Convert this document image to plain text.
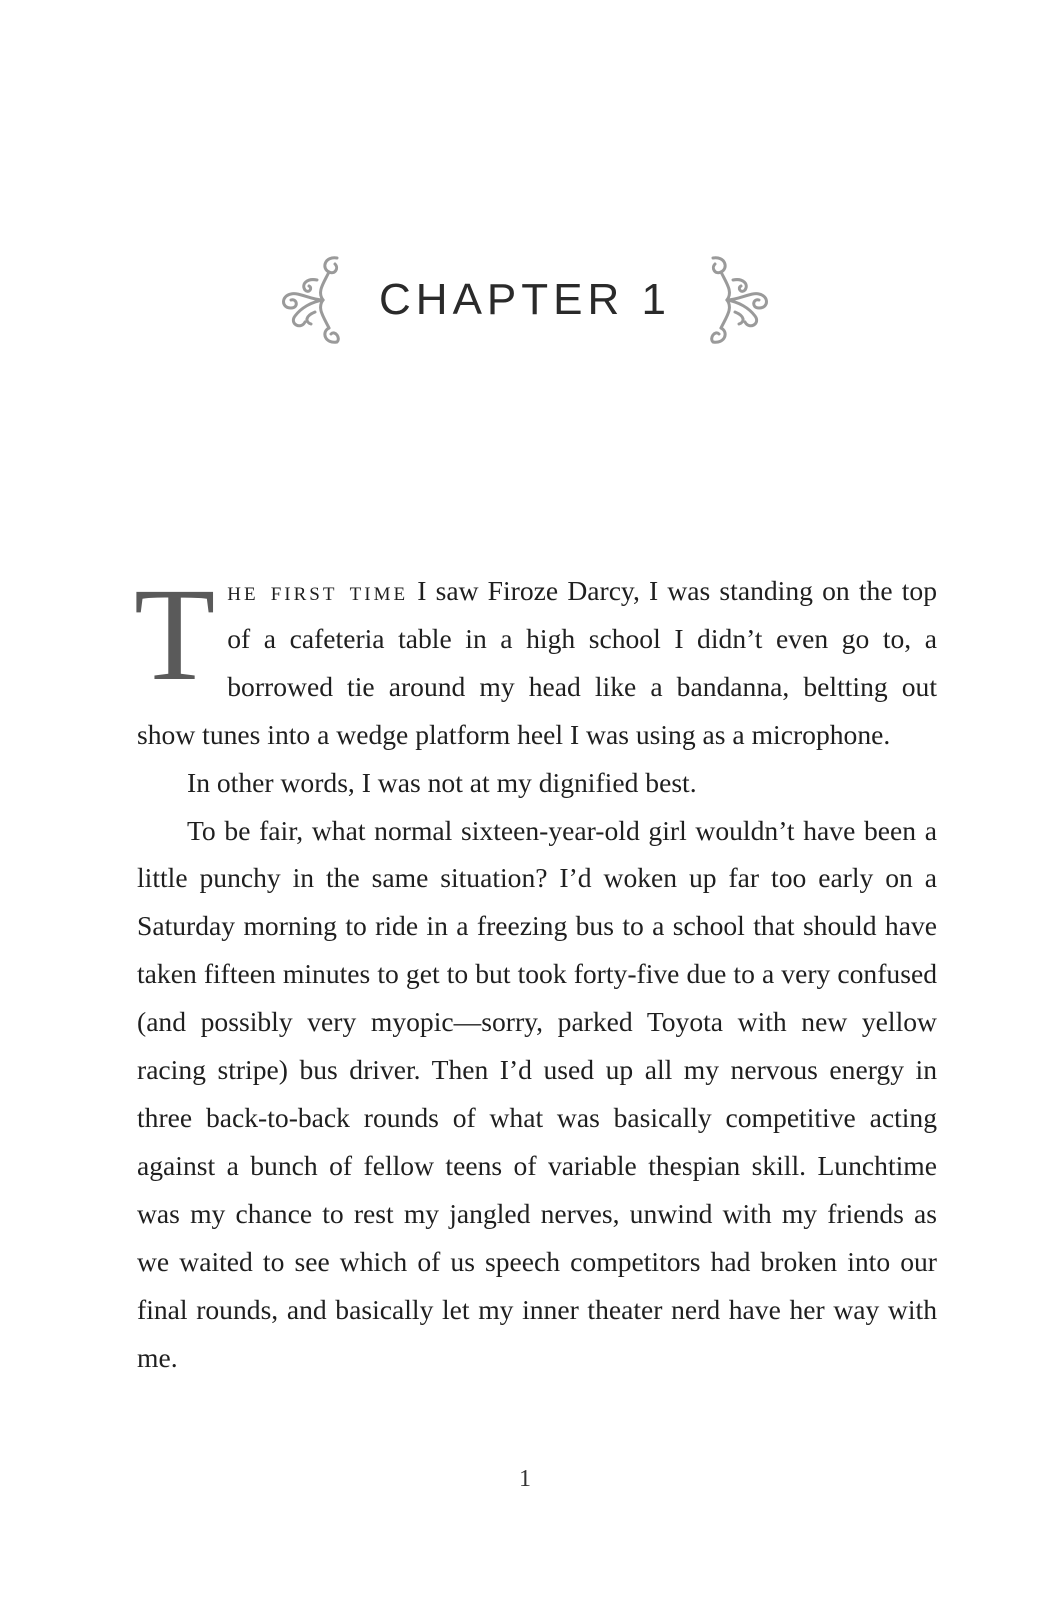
CHAPTER 1

The first time I saw Firoze Darcy, I was standing on the top of a cafeteria table in a high school I didn’t even go to, a borrowed tie around my head like a bandanna, beltting out show tunes into a wedge platform heel I was using as a microphone.

In other words, I was not at my dignified best.

To be fair, what normal sixteen-year-old girl wouldn’t have been a little punchy in the same situation? I’d woken up far too early on a Saturday morning to ride in a freezing bus to a school that should have taken fifteen minutes to get to but took forty-five due to a very confused (and possibly very myopic—sorry, parked Toyota with new yellow racing stripe) bus driver. Then I’d used up all my nervous energy in three back-to-back rounds of what was basically competitive acting against a bunch of fellow teens of variable thespian skill. Lunchtime was my chance to rest my jangled nerves, unwind with my friends as we waited to see which of us speech competitors had broken into our final rounds, and basically let my inner theater nerd have her way with me.

1
